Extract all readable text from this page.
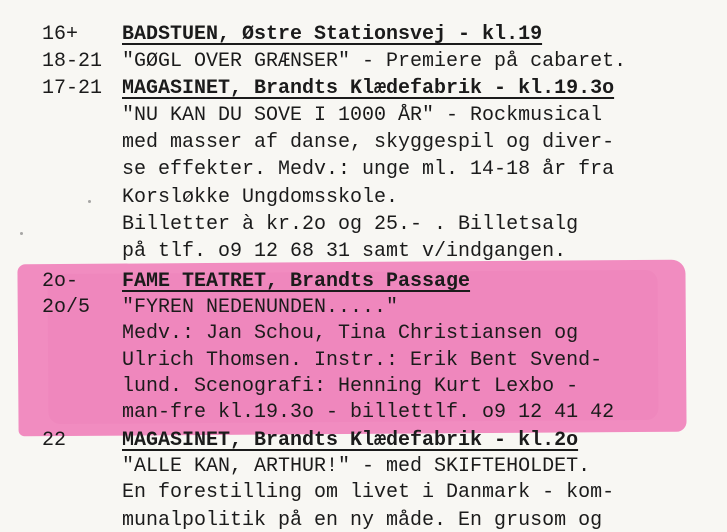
16+ BADSTUEN, Østre Stationsvej - kl.19
18-21 "GØGL OVER GRÆNSER" - Premiere på cabaret.
17-21 MAGASINET, Brandts Klædefabrik - kl.19.3o
"NU KAN DU SOVE I 1000 ÅR" - Rockmusical
med masser af danse, skyggespil og diver-
se effekter. Medv.: unge ml. 14-18 år fra
Korsløkke Ungdomsskole.
Billetter à kr.2o og 25.- . Billetsalg
på tlf. o9 12 68 31 samt v/indgangen.
2o- FAME TEATRET, Brandts Passage
2o/5 "FYREN NEDENUNDEN....."
Medv.: Jan Schou, Tina Christiansen og
Ulrich Thomsen. Instr.: Erik Bent Svend-
lund. Scenografi: Henning Kurt Lexbo -
man-fre kl.19.3o - billettlf. o9 12 41 42
22	MAGASINET, Brandts Klædefabrik - kl.2o
"ALLE KAN, ARTHUR!" - med SKIFTEHOLDET.
En forestilling om livet i Danmark - kom-
munalpolitik på en ny måde. En grusom og
